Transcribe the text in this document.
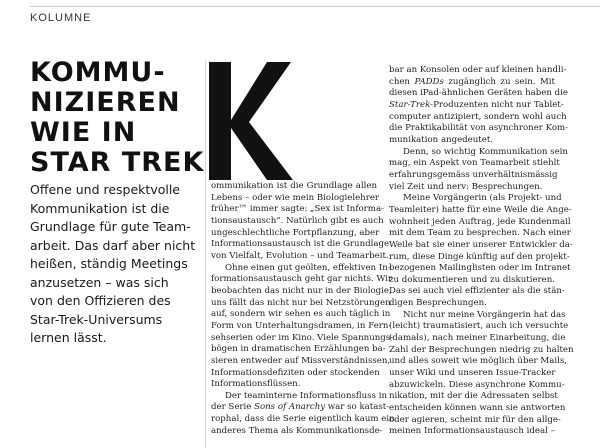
KOLUMNE
KOMMU-
NIZIEREN
WIE IN
STAR TREK
Offene und respektvolle
Kommunikation ist die
Grundlage für gute Team-
arbeit. Das darf aber nicht
heißen, ständig Meetings
anzusetzen – was sich
von den Offizieren des
Star-Trek-Universums
lernen lässt.
ommunikation ist die Grundlage allen
Lebens – oder wie mein Biologielehrer
früher™ immer sagte: „Sex ist Informa-
tionsaustausch“. Natürlich gibt es auch
ungeschlechtliche Fortpflanzung, aber
Informationsaustausch ist die Grundlage
von Vielfalt, Evolution – und Teamarbeit.
Ohne einen gut geölten, effektiven In-
formationsaustausch geht gar nichts. Wir
beobachten das nicht nur in der Biologie,
uns fällt das nicht nur bei Netzstörungen
auf, sondern wir sehen es auch täglich in
Form von Unterhaltungsdramen, in Fern-
sehserien oder im Kino. Viele Spannungs-
bögen in dramatischen Erzählungen ba-
sieren entweder auf Missverständnissen,
Informationsdefiziten oder stockenden
Informationsflüssen.
Der teaminterne Informationsfluss in
der Serie Sons of Anarchy war so katast-
rophal, dass die Serie eigentlich kaum ein
anderes Thema als Kommunikationsde-
bar an Konsolen oder auf kleinen handli-
chen PADDs zugänglich zu sein. Mit
diesen iPad-ähnlichen Geräten haben die
Star-Trek-Produzenten nicht nur Tablet-
computer antizipiert, sondern wohl auch
die Praktikabilität von asynchroner Kom-
munikation angedeutet.
Denn, so wichtig Kommunikation sein
mag, ein Aspekt von Teamarbeit stiehlt
erfahrungsgemäss unverhältnismässig
viel Zeit und nerv: Besprechungen.
Meine Vorgängerin (als Projekt- und
Teamleiter) hatte für eine Weile die Ange-
wohnheit jeden Auftrag, jede Kundenmail
mit dem Team zu besprechen. Nach einer
Weile bat sie einer unserer Entwickler da-
rum, diese Dinge künftig auf den projekt-
bezogenen Mailinglisten oder im Intranet
zu dokumentieren und zu diskutieren.
Das sei auch viel effizienter als die stän-
digen Besprechungen.
Nicht nur meine Vorgängerin hat das
(leicht) traumatisiert, auch ich versuchte
(damals), nach meiner Einarbeitung, die
Zahl der Besprechungen niedrig zu halten
und alles soweit wie möglich über Mails,
unser Wiki und unseren Issue-Tracker
abzuwickeln. Diese asynchrone Kommu-
nikation, mit der die Adressaten selbst
entscheiden können wann sie antworten
oder agieren, scheint mir für den allge-
meinen Informationsaustausch ideal –
